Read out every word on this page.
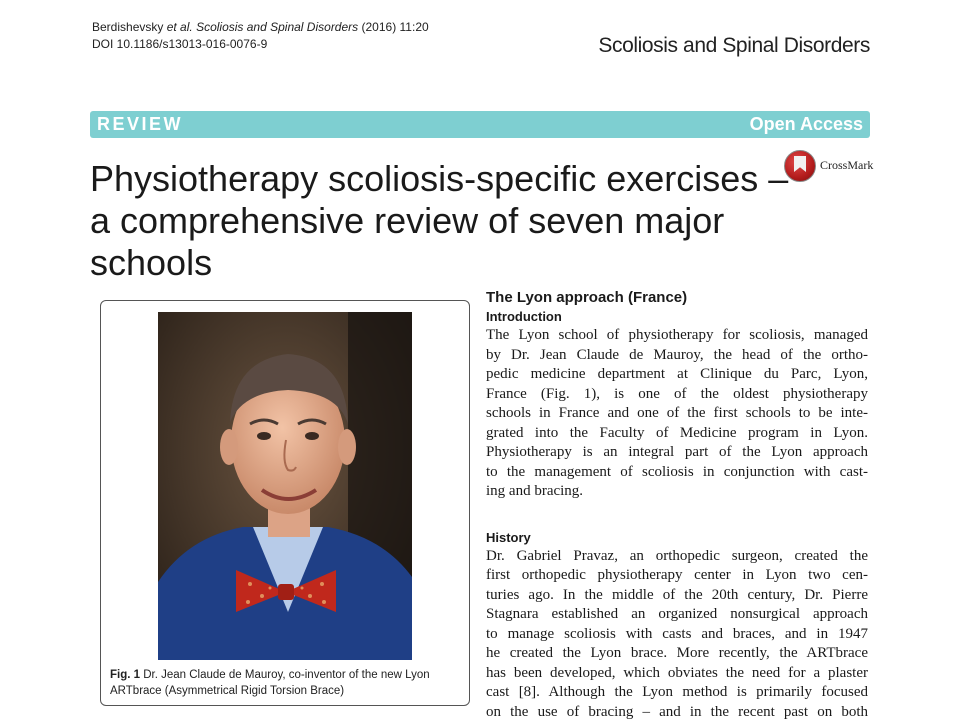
Berdishevsky et al. Scoliosis and Spinal Disorders (2016) 11:20
DOI 10.1186/s13013-016-0076-9	Scoliosis and Spinal Disorders
REVIEW	Open Access
CrossMark
Physiotherapy scoliosis-specific exercises – a comprehensive review of seven major schools
Fig. 1 Dr. Jean Claude de Mauroy, co-inventor of the new Lyon ARTbrace (Asymmetrical Rigid Torsion Brace)
The Lyon approach (France)
Introduction

The Lyon school of physiotherapy for scoliosis, managed
by Dr. Jean Claude de Mauroy, the head of the ortho-
pedic medicine department at Clinique du Parc, Lyon,
France (Fig. 1), is one of the oldest physiotherapy
schools in France and one of the first schools to be inte-
grated into the Faculty of Medicine program in Lyon.
Physiotherapy is an integral part of the Lyon approach
to the management of scoliosis in conjunction with cast-
ing and bracing.

History

Dr. Gabriel Pravaz, an orthopedic surgeon, created the
first orthopedic physiotherapy center in Lyon two cen-
turies ago. In the middle of the 20th century, Dr. Pierre
Stagnara established an organized nonsurgical approach
to manage scoliosis with casts and braces, and in 1947
he created the Lyon brace. More recently, the ARTbrace
has been developed, which obviates the need for a plaster
cast [8]. Although the Lyon method is primarily focused
on the use of bracing – and in the recent past on both
